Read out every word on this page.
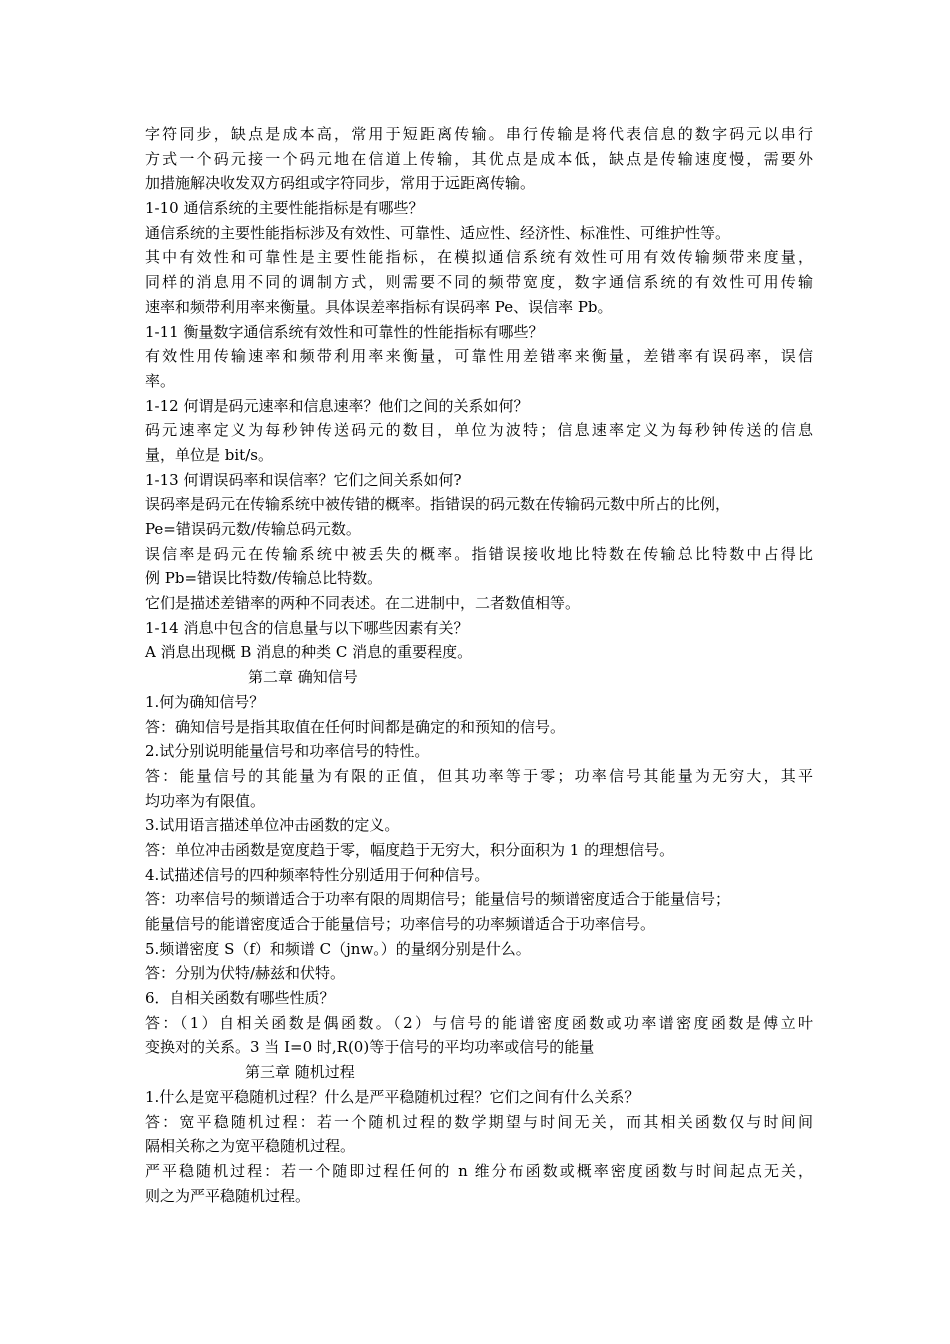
字符同步，缺点是成本高，常用于短距离传输。串行传输是将代表信息的数字码元以串行
方式一个码元接一个码元地在信道上传输，其优点是成本低，缺点是传输速度慢，需要外
加措施解决收发双方码组或字符同步，常用于远距离传输。
1-10 通信系统的主要性能指标是有哪些？
通信系统的主要性能指标涉及有效性、可靠性、适应性、经济性、标准性、可维护性等。
其中有效性和可靠性是主要性能指标，在模拟通信系统有效性可用有效传输频带来度量，
同样的消息用不同的调制方式，则需要不同的频带宽度，数字通信系统的有效性可用传输
速率和频带利用率来衡量。具体误差率指标有误码率 Pe、误信率 Pb。
1-11 衡量数字通信系统有效性和可靠性的性能指标有哪些？
有效性用传输速率和频带利用率来衡量，可靠性用差错率来衡量，差错率有误码率，误信
率。
1-12 何谓是码元速率和信息速率？他们之间的关系如何？
码元速率定义为每秒钟传送码元的数目，单位为波特；信息速率定义为每秒钟传送的信息
量，单位是 bit/s。
1-13 何谓误码率和误信率？它们之间关系如何?
误码率是码元在传输系统中被传错的概率。指错误的码元数在传输码元数中所占的比例，
Pe=错误码元数/传输总码元数。
误信率是码元在传输系统中被丢失的概率。指错误接收地比特数在传输总比特数中占得比
例 Pb=错误比特数/传输总比特数。
它们是描述差错率的两种不同表述。在二进制中，二者数值相等。
1-14 消息中包含的信息量与以下哪些因素有关？
A 消息出现概 B 消息的种类 C 消息的重要程度。
第二章 确知信号
1.何为确知信号？
答：确知信号是指其取值在任何时间都是确定的和预知的信号。
2.试分别说明能量信号和功率信号的特性。
答：能量信号的其能量为有限的正值，但其功率等于零；功率信号其能量为无穷大，其平
均功率为有限值。
3.试用语言描述单位冲击函数的定义。
答：单位冲击函数是宽度趋于零，幅度趋于无穷大，积分面积为 1 的理想信号。
4.试描述信号的四种频率特性分别适用于何种信号。
答：功率信号的频谱适合于功率有限的周期信号；能量信号的频谱密度适合于能量信号；
能量信号的能谱密度适合于能量信号；功率信号的功率频谱适合于功率信号。
5.频谱密度 S（f）和频谱 C（jnw。）的量纲分别是什么。
答：分别为伏特/赫兹和伏特。
6．自相关函数有哪些性质？
答：（1）自相关函数是偶函数。（2）与信号的能谱密度函数或功率谱密度函数是傅立叶
变换对的关系。3 当 I=0 时,R(0)等于信号的平均功率或信号的能量
第三章 随机过程
1.什么是宽平稳随机过程？什么是严平稳随机过程？它们之间有什么关系？
答：宽平稳随机过程：若一个随机过程的数学期望与时间无关，而其相关函数仅与时间间
隔相关称之为宽平稳随机过程。
严平稳随机过程：若一个随即过程任何的 n 维分布函数或概率密度函数与时间起点无关，
则之为严平稳随机过程。
